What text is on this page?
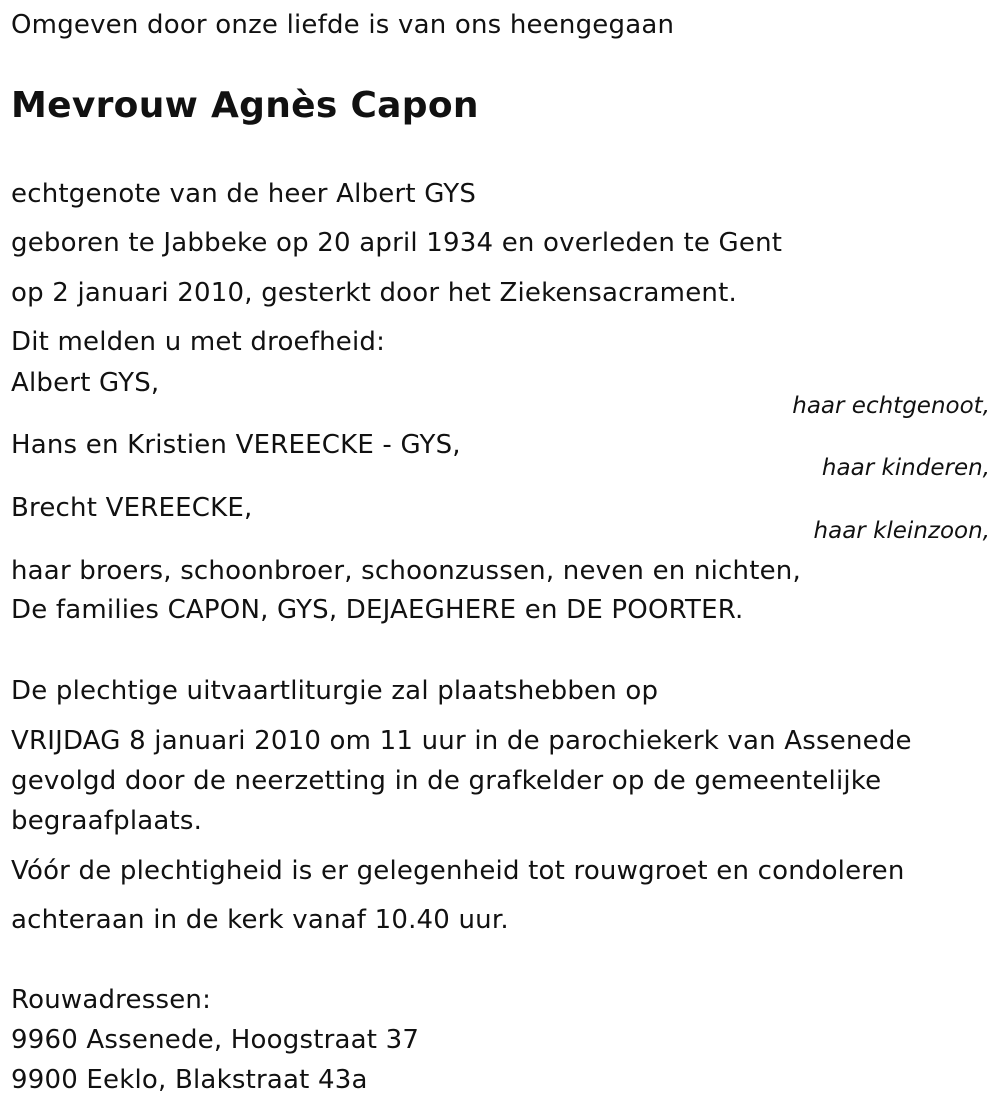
Omgeven door onze liefde is van ons heengegaan
Mevrouw Agnès Capon
echtgenote van de heer Albert GYS
geboren te Jabbeke op 20 april 1934 en overleden te Gent
op 2 januari 2010, gesterkt door het Ziekensacrament.
Dit melden u met droefheid:
Albert GYS,
haar echtgenoot,
Hans en Kristien VEREECKE - GYS,
haar kinderen,
Brecht VEREECKE,
haar kleinzoon,
haar broers, schoonbroer, schoonzussen, neven en nichten,
De families CAPON, GYS, DEJAEGHERE en DE POORTER.
De plechtige uitvaartliturgie zal plaatshebben op
VRIJDAG 8 januari 2010 om 11 uur in de parochiekerk van Assenede
gevolgd door de neerzetting in de grafkelder op de gemeentelijke
begraafplaats.
Vóór de plechtigheid is er gelegenheid tot rouwgroet en condoleren
achteraan in de kerk vanaf 10.40 uur.
Rouwadressen:
9960 Assenede, Hoogstraat 37
9900 Eeklo, Blakstraat 43a
